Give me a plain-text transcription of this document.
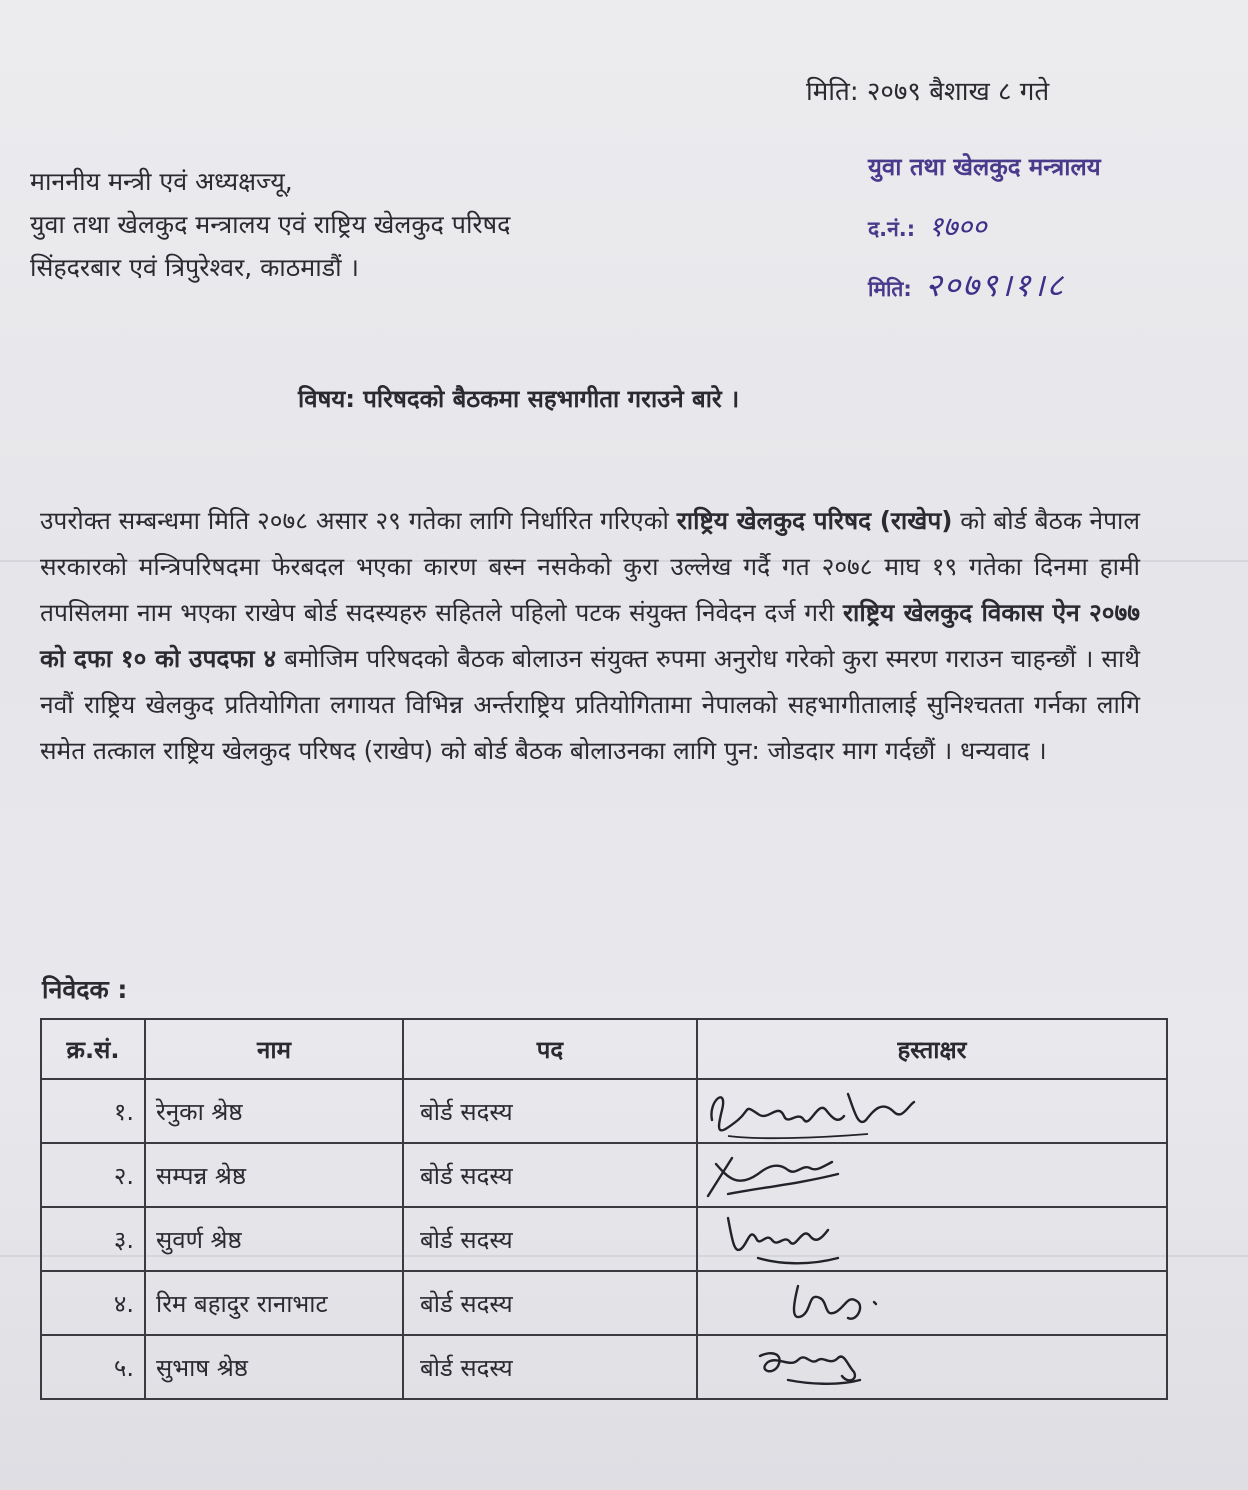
मिति: २०७९ बैशाख ८ गते
माननीय मन्त्री एवं अध्यक्षज्यू,
युवा तथा खेलकुद मन्त्रालय एवं राष्ट्रिय खेलकुद परिषद
सिंहदरबार एवं त्रिपुरेश्वर, काठमाडौं ।
युवा तथा खेलकुद मन्त्रालय
द.नं.: १७००
मिति: २०७९।१।८
विषय: परिषदको बैठकमा सहभागीता गराउने बारे ।
उपरोक्त सम्बन्धमा मिति २०७८ असार २९ गतेका लागि निर्धारित गरिएको राष्ट्रिय खेलकुद परिषद (राखेप) को बोर्ड बैठक नेपाल सरकारको मन्त्रिपरिषदमा फेरबदल भएका कारण बस्न नसकेको कुरा उल्लेख गर्दै गत २०७८ माघ १९ गतेका दिनमा हामी तपसिलमा नाम भएका राखेप बोर्ड सदस्यहरु सहितले पहिलो पटक संयुक्त निवेदन दर्ज गरी राष्ट्रिय खेलकुद विकास ऐन २०७७ को दफा १० को उपदफा ४ बमोजिम परिषदको बैठक बोलाउन संयुक्त रुपमा अनुरोध गरेको कुरा स्मरण गराउन चाहन्छौं । साथै नवौं राष्ट्रिय खेलकुद प्रतियोगिता लगायत विभिन्न अर्न्तराष्ट्रिय प्रतियोगितामा नेपालको सहभागीतालाई सुनिश्चतता गर्नका लागि समेत तत्काल राष्ट्रिय खेलकुद परिषद (राखेप) को बोर्ड बैठक बोलाउनका लागि पुन: जोडदार माग गर्दछौं । धन्यवाद ।
निवेदक :
क्र.सं.	नाम	पद	हस्ताक्षर
१.	रेनुका श्रेष्ठ	बोर्ड सदस्य	

२.	सम्पन्न श्रेष्ठ	बोर्ड सदस्य	

३.	सुवर्ण श्रेष्ठ	बोर्ड सदस्य	

४.	रिम बहादुर रानाभाट	बोर्ड सदस्य	

५.	सुभाष श्रेष्ठ	बोर्ड सदस्य	
